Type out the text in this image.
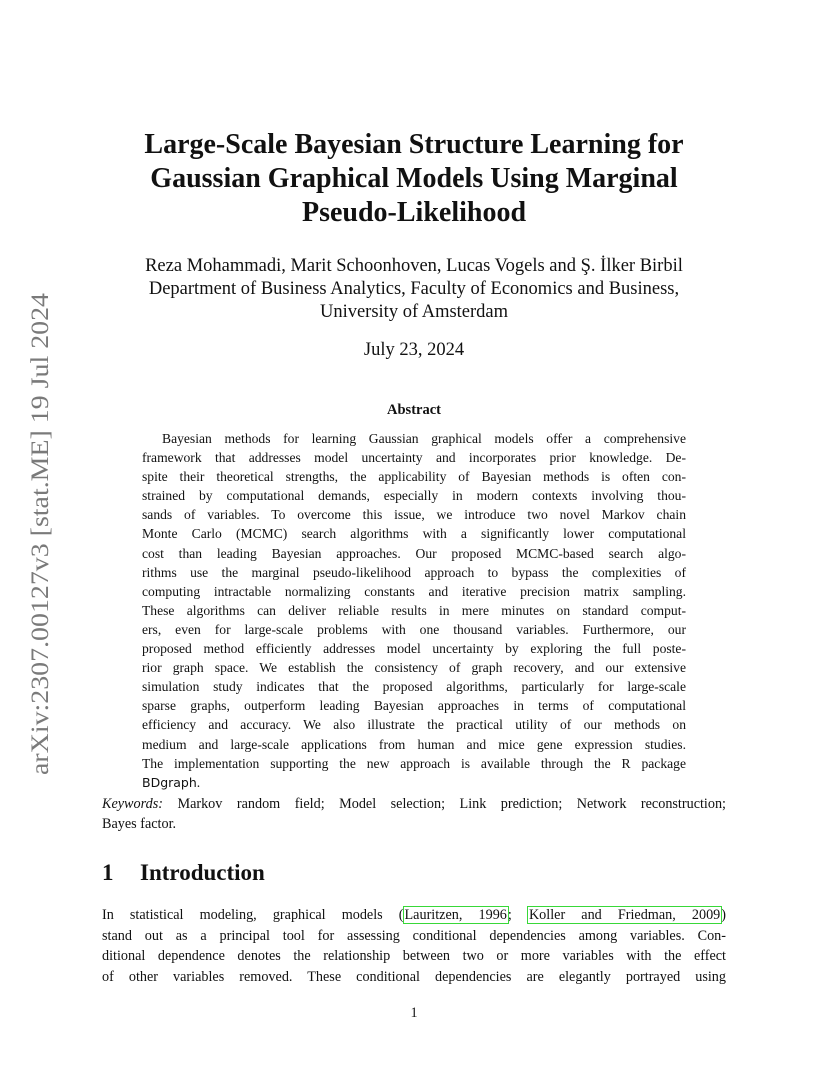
arXiv:2307.00127v3 [stat.ME] 19 Jul 2024
Large-Scale Bayesian Structure Learning for
Gaussian Graphical Models Using Marginal
Pseudo-Likelihood
Reza Mohammadi, Marit Schoonhoven, Lucas Vogels and Ş. İlker Birbil
Department of Business Analytics, Faculty of Economics and Business,
University of Amsterdam
July 23, 2024
Abstract
Bayesian methods for learning Gaussian graphical models offer a comprehensive
framework that addresses model uncertainty and incorporates prior knowledge. De-
spite their theoretical strengths, the applicability of Bayesian methods is often con-
strained by computational demands, especially in modern contexts involving thou-
sands of variables. To overcome this issue, we introduce two novel Markov chain
Monte Carlo (MCMC) search algorithms with a significantly lower computational
cost than leading Bayesian approaches. Our proposed MCMC-based search algo-
rithms use the marginal pseudo-likelihood approach to bypass the complexities of
computing intractable normalizing constants and iterative precision matrix sampling.
These algorithms can deliver reliable results in mere minutes on standard comput-
ers, even for large-scale problems with one thousand variables. Furthermore, our
proposed method efficiently addresses model uncertainty by exploring the full poste-
rior graph space. We establish the consistency of graph recovery, and our extensive
simulation study indicates that the proposed algorithms, particularly for large-scale
sparse graphs, outperform leading Bayesian approaches in terms of computational
efficiency and accuracy. We also illustrate the practical utility of our methods on
medium and large-scale applications from human and mice gene expression studies.
The implementation supporting the new approach is available through the R package
BDgraph.
Keywords: Markov random field; Model selection; Link prediction; Network reconstruction;
Bayes factor.
1 Introduction
In statistical modeling, graphical models (Lauritzen, 1996; Koller and Friedman, 2009)
stand out as a principal tool for assessing conditional dependencies among variables. Con-
ditional dependence denotes the relationship between two or more variables with the effect
of other variables removed. These conditional dependencies are elegantly portrayed using
1
